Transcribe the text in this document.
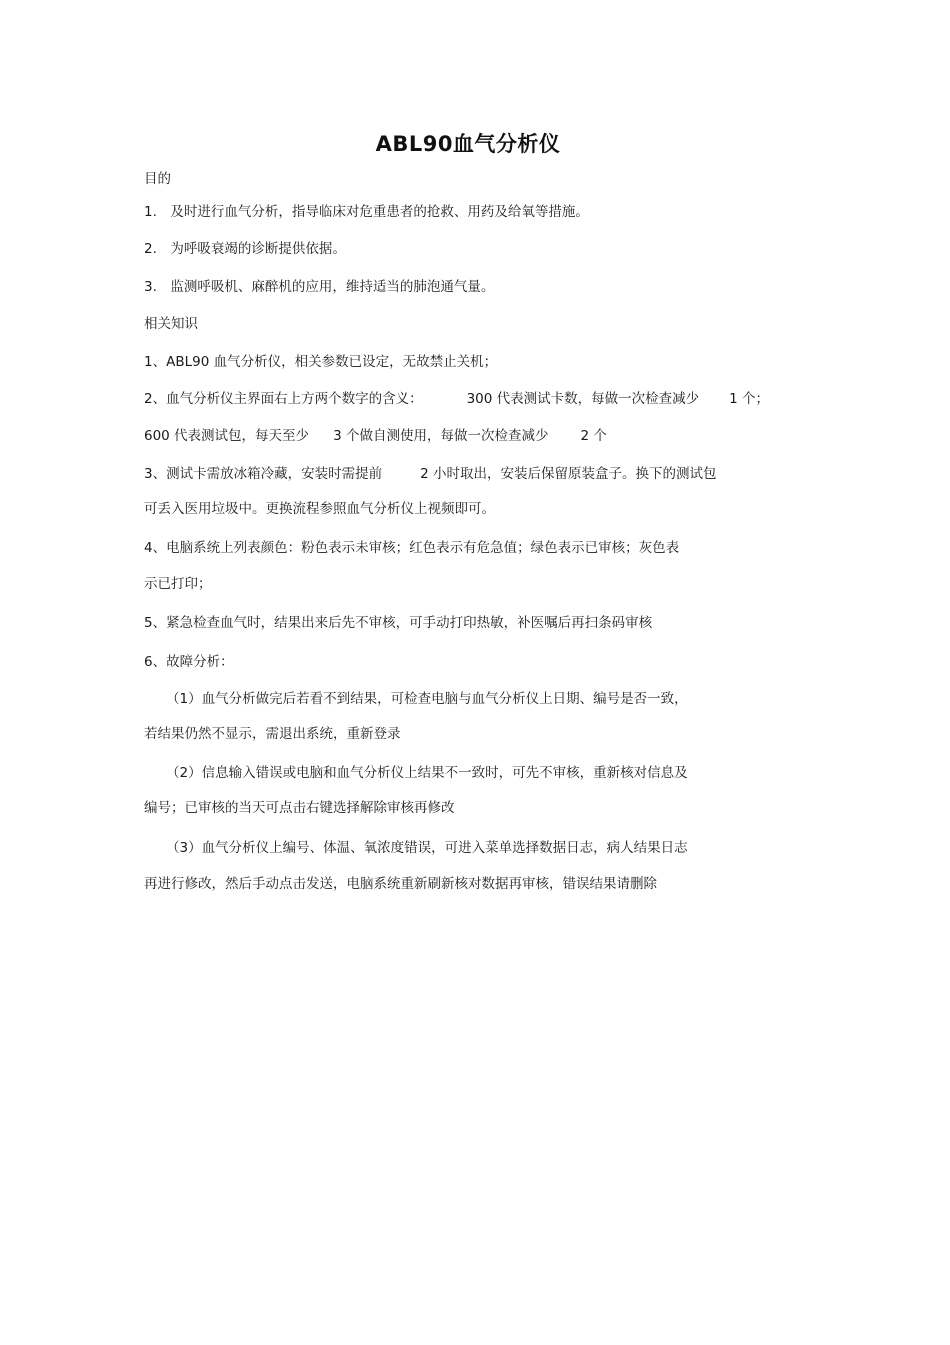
ABL90血气分析仪
目的
1.　及时进行血气分析，指导临床对危重患者的抢救、用药及给氧等措施。
2.　为呼吸衰竭的诊断提供依据。
3.　监测呼吸机、麻醉机的应用，维持适当的肺泡通气量。
相关知识
1、ABL90 血气分析仪，相关参数已设定，无故禁止关机；
2、血气分析仪主界面右上方两个数字的含义：	300 代表测试卡数，每做一次检查减少 1 个；
600 代表测试包，每天至少 3 个做自测使用，每做一次检查减少 2 个
3、测试卡需放冰箱冷藏，安装时需提前	2 小时取出，安装后保留原装盒子。换下的测试包
可丢入医用垃圾中。更换流程参照血气分析仪上视频即可。
4、电脑系统上列表颜色：粉色表示未审核；红色表示有危急值；绿色表示已审核；灰色表
示已打印；
5、紧急检查血气时，结果出来后先不审核，可手动打印热敏，补医嘱后再扫条码审核
6、故障分析：
（1）血气分析做完后若看不到结果，可检查电脑与血气分析仪上日期、编号是否一致，
若结果仍然不显示，需退出系统，重新登录
（2）信息输入错误或电脑和血气分析仪上结果不一致时，可先不审核，重新核对信息及
编号；已审核的当天可点击右键选择解除审核再修改
（3）血气分析仪上编号、体温、氧浓度错误，可进入菜单选择数据日志，病人结果日志
再进行修改，然后手动点击发送，电脑系统重新刷新核对数据再审核，错误结果请删除
